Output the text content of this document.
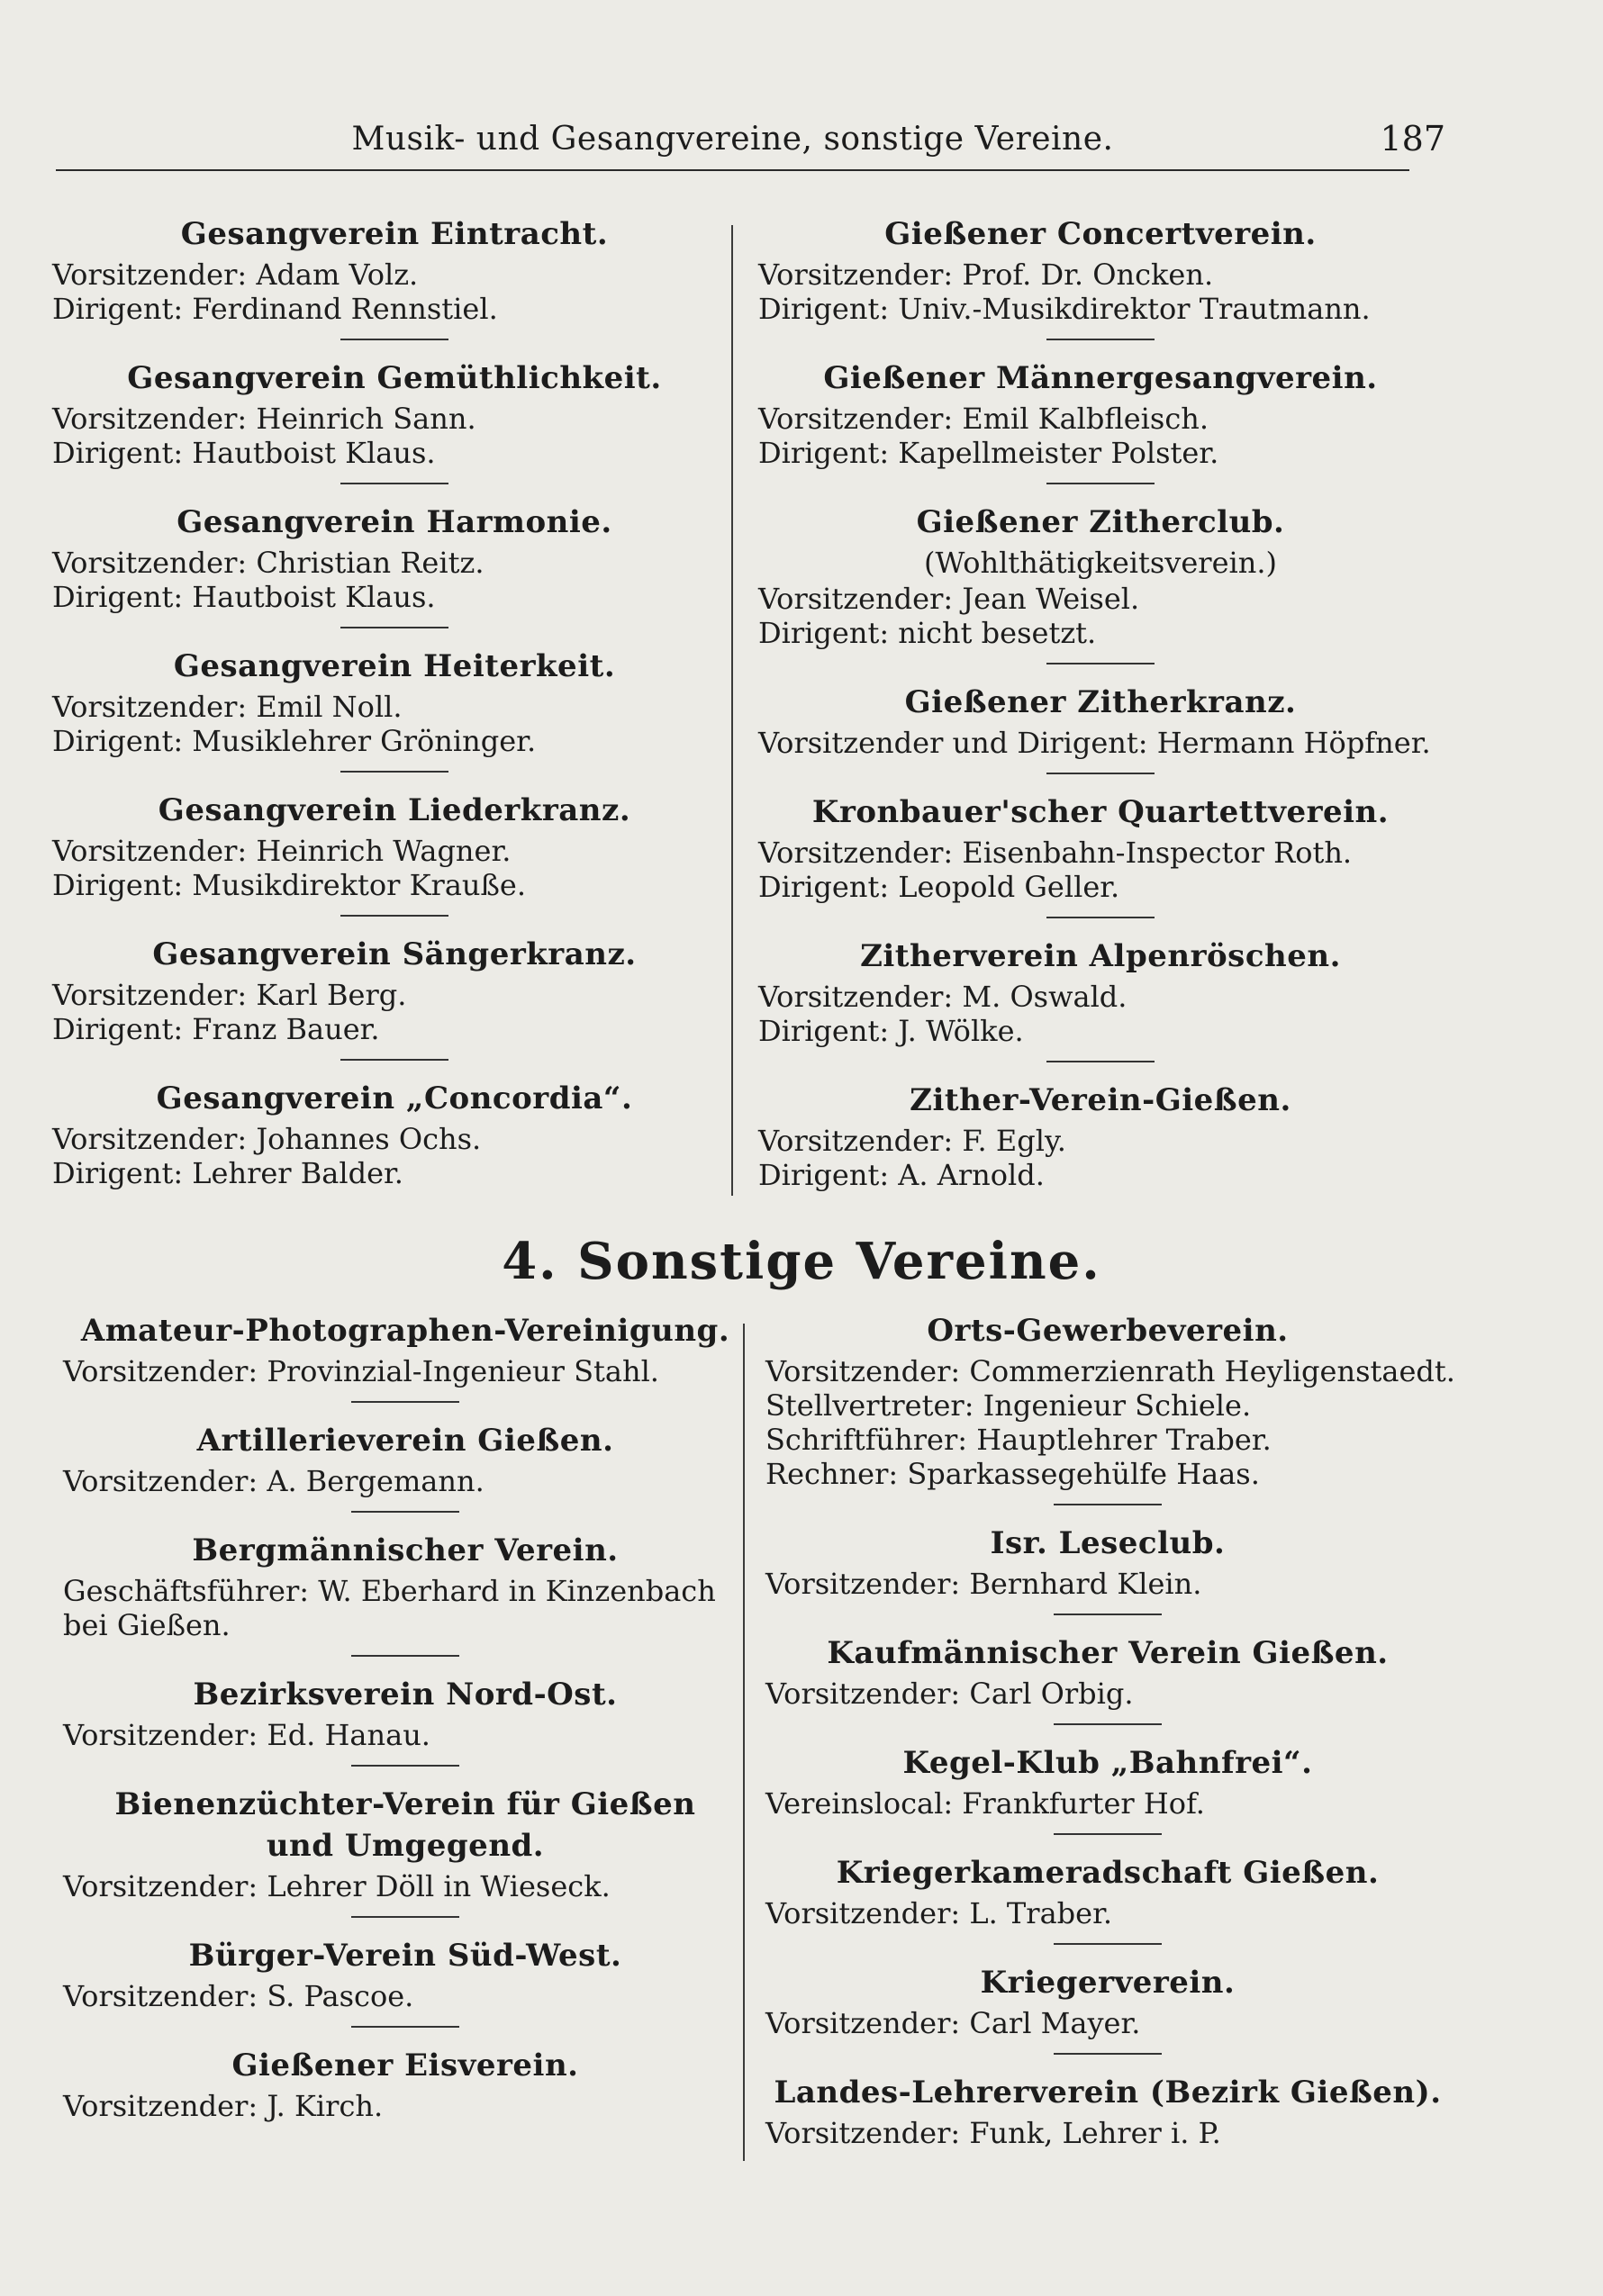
Musik- und Gesangvereine, sonstige Vereine.	187
Gesangverein Eintracht.
Vorsitzender: Adam Volz.
Dirigent: Ferdinand Rennstiel.
Gesangverein Gemüthlichkeit.
Vorsitzender: Heinrich Sann.
Dirigent: Hautboist Klaus.
Gesangverein Harmonie.
Vorsitzender: Christian Reitz.
Dirigent: Hautboist Klaus.
Gesangverein Heiterkeit.
Vorsitzender: Emil Noll.
Dirigent: Musiklehrer Gröninger.
Gesangverein Liederkranz.
Vorsitzender: Heinrich Wagner.
Dirigent: Musikdirektor Kraußе.
Gesangverein Sängerkranz.
Vorsitzender: Karl Berg.
Dirigent: Franz Bauer.
Gesangverein „Concordia“.
Vorsitzender: Johannes Ochs.
Dirigent: Lehrer Balder.
Gießener Concertverein.
Vorsitzender: Prof. Dr. Oncken.
Dirigent: Univ.-Musikdirektor Trautmann.
Gießener Männergesangverein.
Vorsitzender: Emil Kalbfleisch.
Dirigent: Kapellmeister Polster.
Gießener Zitherclub.
(Wohlthätigkeitsverein.)
Vorsitzender: Jean Weisel.
Dirigent: nicht besetzt.
Gießener Zitherkranz.
Vorsitzender und Dirigent: Hermann Höpfner.
Kronbauer'scher Quartettverein.
Vorsitzender: Eisenbahn-Inspector Roth.
Dirigent: Leopold Geller.
Zitherverein Alpenröschen.
Vorsitzender: M. Oswald.
Dirigent: J. Wölke.
Zither-Verein-Gießen.
Vorsitzender: F. Egly.
Dirigent: A. Arnold.
4. Sonstige Vereine.
Amateur-Photographen-Vereinigung.
Vorsitzender: Provinzial-Ingenieur Stahl.
Artillerieverein Gießen.
Vorsitzender: A. Bergemann.
Bergmännischer Verein.
Geschäftsführer: W. Eberhard in Kinzenbach
bei Gießen.
Bezirksverein Nord-Ost.
Vorsitzender: Ed. Hanau.
Bienenzüchter-Verein für Gießen
und Umgegend.
Vorsitzender: Lehrer Döll in Wieseck.
Bürger-Verein Süd-West.
Vorsitzender: S. Pascoe.
Gießener Eisverein.
Vorsitzender: J. Kirch.
Orts-Gewerbeverein.
Vorsitzender: Commerzienrath Heyligenstaedt.
Stellvertreter: Ingenieur Schiele.
Schriftführer: Hauptlehrer Traber.
Rechner: Sparkassegehülfe Haas.
Isr. Leseclub.
Vorsitzender: Bernhard Klein.
Kaufmännischer Verein Gießen.
Vorsitzender: Carl Orbig.
Kegel-Klub „Bahnfrei“.
Vereinslocal: Frankfurter Hof.
Kriegerkameradschaft Gießen.
Vorsitzender: L. Traber.
Kriegerverein.
Vorsitzender: Carl Mayer.
Landes-Lehrerverein (Bezirk Gießen).
Vorsitzender: Funk, Lehrer i. P.
